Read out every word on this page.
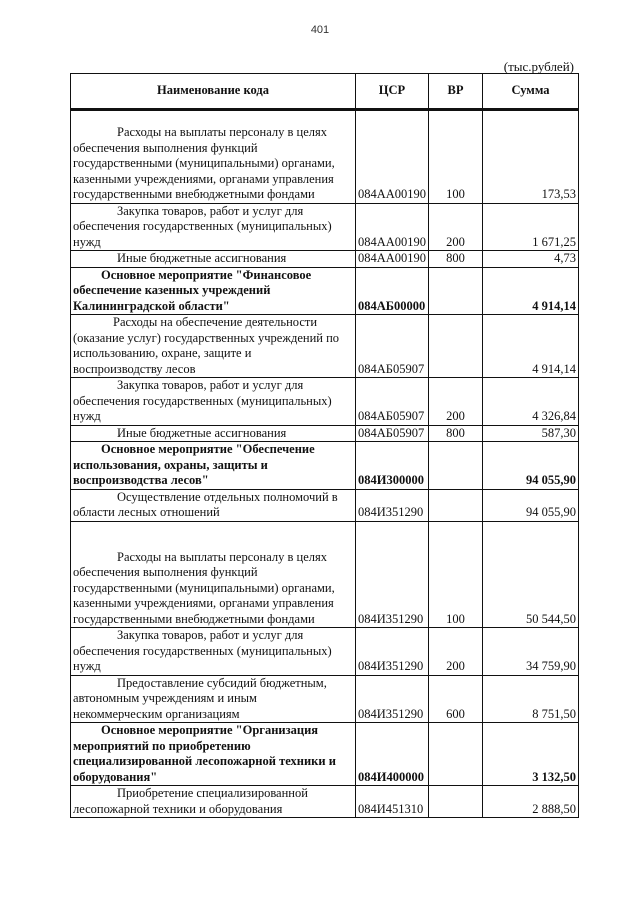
401
(тыс.рублей)
Наименование кода	ЦСР	ВР	Сумма

Расходы на выплаты персоналу в целях
обеспечения выполнения функций
государственными (муниципальными) органами,
казенными учреждениями, органами управления
государственными внебюджетными фондами	084АА00190	100	173,53

Закупка товаров, работ и услуг для
обеспечения государственных (муниципальных)
нужд	084АА00190	200	1 671,25

Иные бюджетные ассигнования	084АА00190	800	4,73

Основное мероприятие "Финансовое
обеспечение казенных учреждений
Калининградской области"	084АБ00000		4 914,14

Расходы на обеспечение деятельности
(оказание услуг) государственных учреждений по
использованию, охране, защите и
воспроизводству лесов	084АБ05907		4 914,14

Закупка товаров, работ и услуг для
обеспечения государственных (муниципальных)
нужд	084АБ05907	200	4 326,84

Иные бюджетные ассигнования	084АБ05907	800	587,30

Основное мероприятие "Обеспечение
использования, охраны, защиты и
воспроизводства лесов"	084И300000		94 055,90

Осуществление отдельных полномочий в
области лесных отношений	084И351290		94 055,90

Расходы на выплаты персоналу в целях
обеспечения выполнения функций
государственными (муниципальными) органами,
казенными учреждениями, органами управления
государственными внебюджетными фондами	084И351290	100	50 544,50

Закупка товаров, работ и услуг для
обеспечения государственных (муниципальных)
нужд	084И351290	200	34 759,90

Предоставление субсидий бюджетным,
автономным учреждениям и иным
некоммерческим организациям	084И351290	600	8 751,50

Основное мероприятие "Организация
мероприятий по приобретению
специализированной лесопожарной техники и
оборудования"	084И400000		3 132,50

Приобретение специализированной
лесопожарной техники и оборудования	084И451310		2 888,50
